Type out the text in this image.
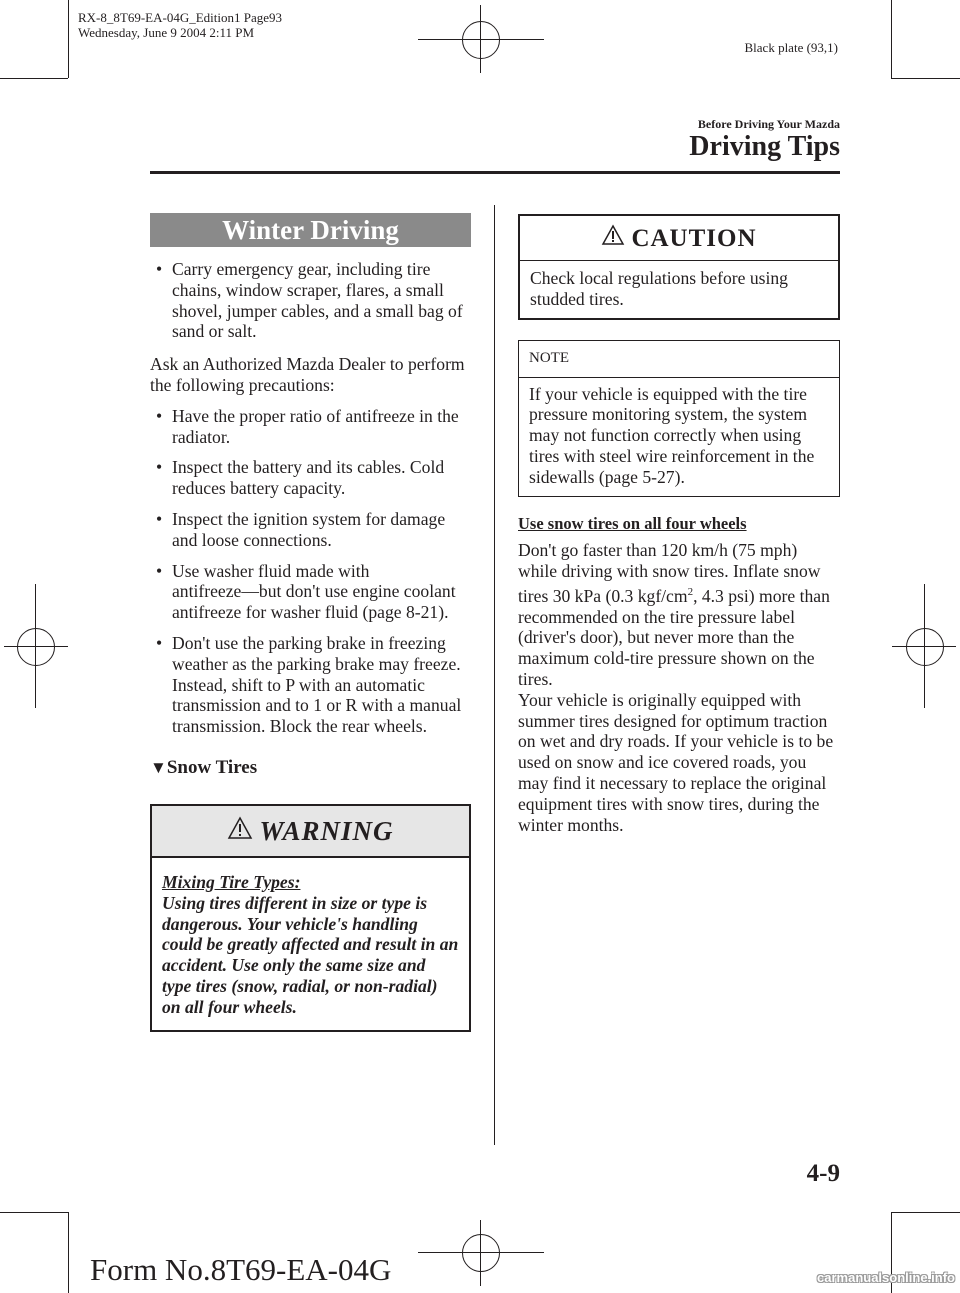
RX-8_8T69-EA-04G_Edition1 Page93
Wednesday, June 9 2004 2:11 PM
Black plate (93,1)
Before Driving Your Mazda
Driving Tips
Winter Driving
• Carry emergency gear, including tire chains, window scraper, flares, a small shovel, jumper cables, and a small bag of sand or salt.

Ask an Authorized Mazda Dealer to perform the following precautions:

• Have the proper ratio of antifreeze in the radiator.
• Inspect the battery and its cables. Cold reduces battery capacity.
• Inspect the ignition system for damage and loose connections.
• Use washer fluid made with antifreeze―but don't use engine coolant antifreeze for washer fluid (page 8-21).
• Don't use the parking brake in freezing weather as the parking brake may freeze. Instead, shift to P with an automatic transmission and to 1 or R with a manual transmission. Block the rear wheels.
▼Snow Tires
WARNING
Mixing Tire Types:
Using tires different in size or type is dangerous. Your vehicle's handling could be greatly affected and result in an accident. Use only the same size and type tires (snow, radial, or non-radial) on all four wheels.
CAUTION
Check local regulations before using studded tires.
NOTE
If your vehicle is equipped with the tire pressure monitoring system, the system may not function correctly when using tires with steel wire reinforcement in the sidewalls (page 5-27).
Use snow tires on all four wheels

Don't go faster than 120 km/h (75 mph) while driving with snow tires. Inflate snow tires 30 kPa (0.3 kgf/$cm^2$, 4.3 psi) more than recommended on the tire pressure label (driver's door), but never more than the maximum cold-tire pressure shown on the tires.

Your vehicle is originally equipped with summer tires designed for optimum traction on wet and dry roads. If your vehicle is to be used on snow and ice covered roads, you may find it necessary to replace the original equipment tires with snow tires, during the winter months.

4-9
Form No.8T69-EA-04G	carmanualsonline.info
